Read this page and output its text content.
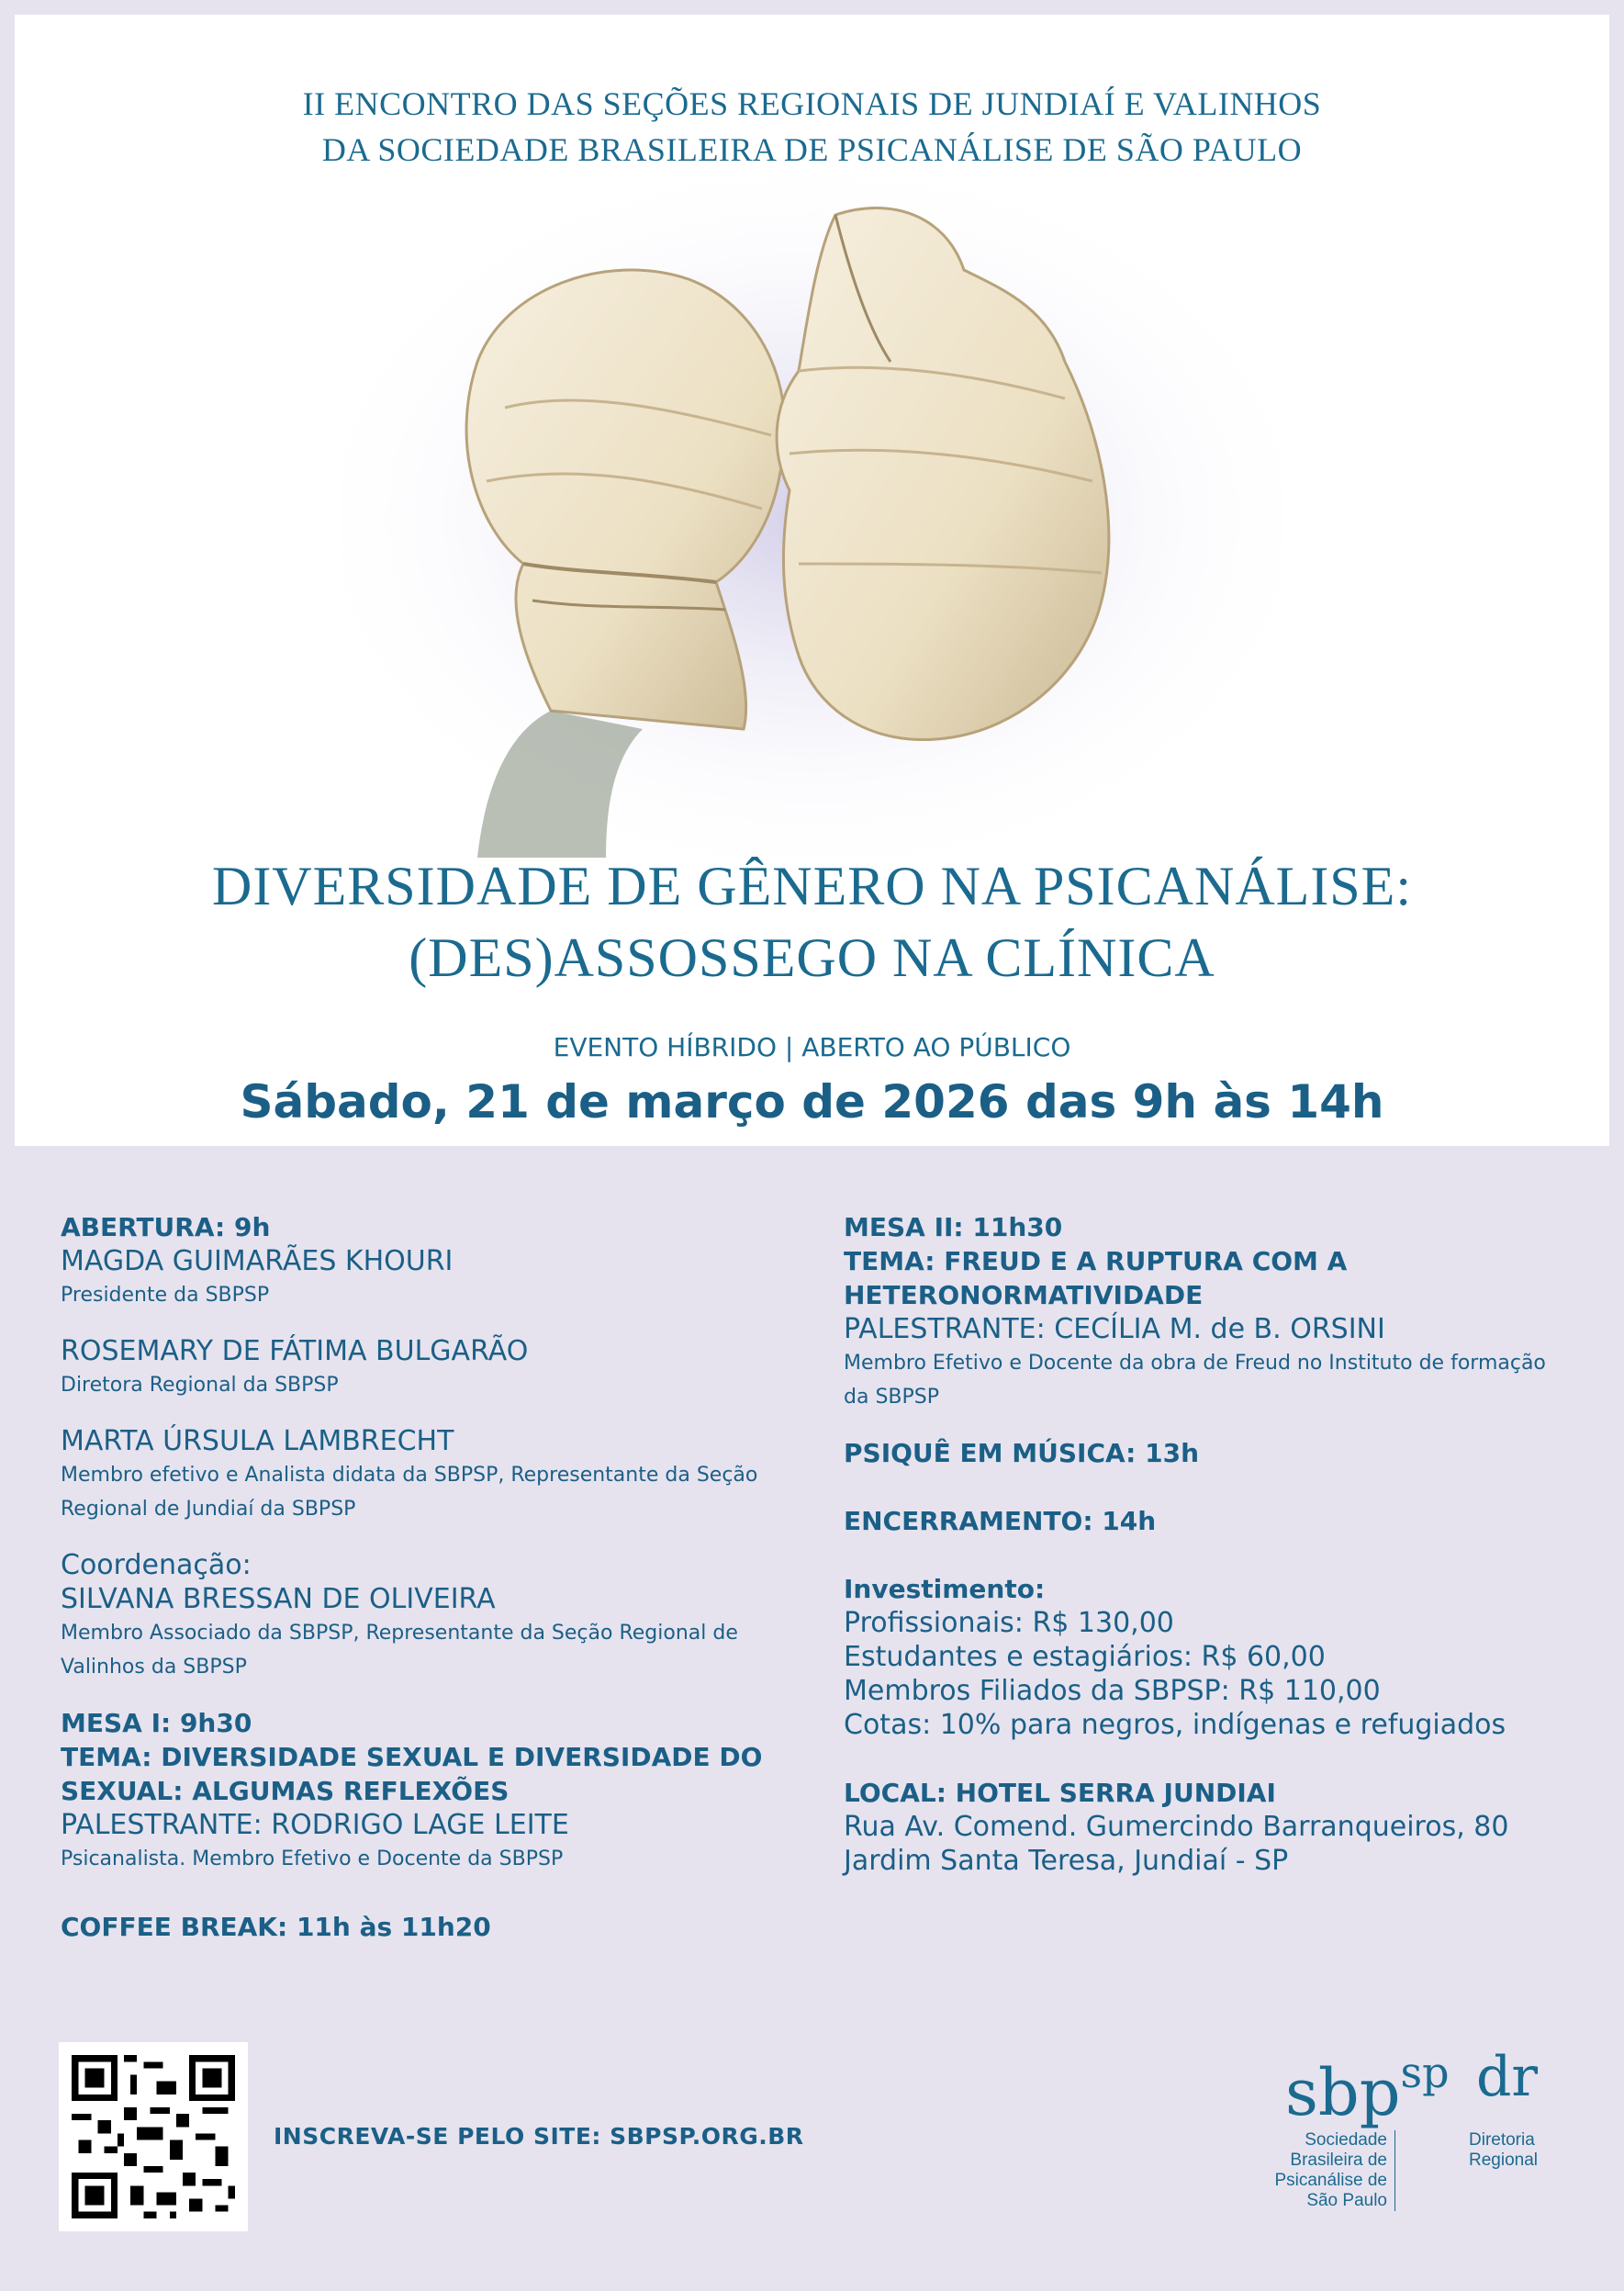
II ENCONTRO DAS SEÇÕES REGIONAIS DE JUNDIAÍ E VALINHOS
DA SOCIEDADE BRASILEIRA DE PSICANÁLISE DE SÃO PAULO
DIVERSIDADE DE GÊNERO NA PSICANÁLISE:
(DES)ASSOSSEGO NA CLÍNICA
EVENTO HÍBRIDO | ABERTO AO PÚBLICO
Sábado, 21 de março de 2026 das 9h às 14h
ABERTURA: 9h
MAGDA GUIMARÃES KHOURI
Presidente da SBPSP
ROSEMARY DE FÁTIMA BULGARÃO
Diretora Regional da SBPSP
MARTA ÚRSULA LAMBRECHT
Membro efetivo e Analista didata da SBPSP, Representante da Seção
Regional de Jundiaí da SBPSP
Coordenação:
SILVANA BRESSAN DE OLIVEIRA
Membro Associado da SBPSP, Representante da Seção Regional de
Valinhos da SBPSP
MESA I: 9h30
TEMA: DIVERSIDADE SEXUAL E DIVERSIDADE DO
SEXUAL: ALGUMAS REFLEXÕES
PALESTRANTE: RODRIGO LAGE LEITE
Psicanalista. Membro Efetivo e Docente da SBPSP
COFFEE BREAK: 11h às 11h20
MESA II: 11h30
TEMA: FREUD E A RUPTURA COM A
HETERONORMATIVIDADE
PALESTRANTE: CECÍLIA M. de B. ORSINI
Membro Efetivo e Docente da obra de Freud no Instituto de formação
da SBPSP
PSIQUÊ EM MÚSICA: 13h
ENCERRAMENTO: 14h
Investimento:
Profissionais: R$ 130,00
Estudantes e estagiários: R$ 60,00
Membros Filiados da SBPSP: R$ 110,00
Cotas: 10% para negros, indígenas e refugiados
LOCAL: HOTEL SERRA JUNDIAI
Rua Av. Comend. Gumercindo Barranqueiros, 80
Jardim Santa Teresa, Jundiaí - SP
INSCREVA-SE PELO SITE: SBPSP.ORG.BR
sbp$^{sp}$ dr
Sociedade
Brasileira de
Psicanálise de
São Paulo
Diretoria
Regional
